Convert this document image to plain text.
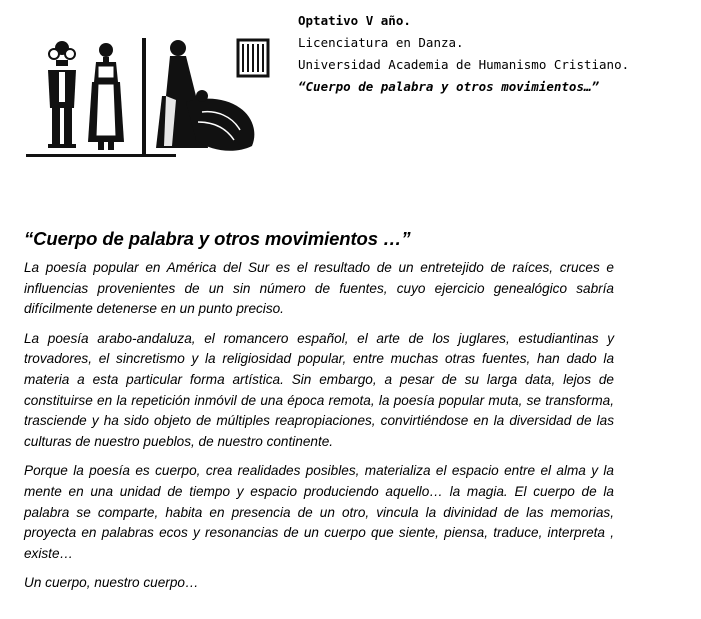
Optativo V año.
Licenciatura en Danza.
Universidad Academia de Humanismo Cristiano.
“Cuerpo de palabra y otros movimientos…”
“Cuerpo de palabra y otros movimientos …”

La poesía popular en América del Sur es el resultado de un entretejido de raíces, cruces e influencias provenientes de un sin número de fuentes, cuyo ejercicio genealógico sabría difícilmente detenerse en un punto preciso.

La poesía arabo-andaluza, el romancero español, el arte de los juglares, estudiantinas y trovadores, el sincretismo y la religiosidad popular, entre muchas otras fuentes, han dado la materia a esta particular forma artística. Sin embargo, a pesar de su larga data, lejos de constituirse en la repetición inmóvil de una época remota, la poesía popular muta, se transforma, trasciende y ha sido objeto de múltiples reapropiaciones, convirtiéndose en la diversidad de las culturas de nuestro pueblos, de nuestro continente.

Porque la poesía es cuerpo, crea realidades posibles, materializa el espacio entre el alma y la mente en una unidad de tiempo y espacio produciendo aquello… la magia. El cuerpo de la palabra se comparte, habita en presencia de un otro, vincula la divinidad de las memorias, proyecta en palabras ecos y resonancias de un cuerpo que siente, piensa, traduce, interpreta , existe…

Un cuerpo, nuestro cuerpo…
